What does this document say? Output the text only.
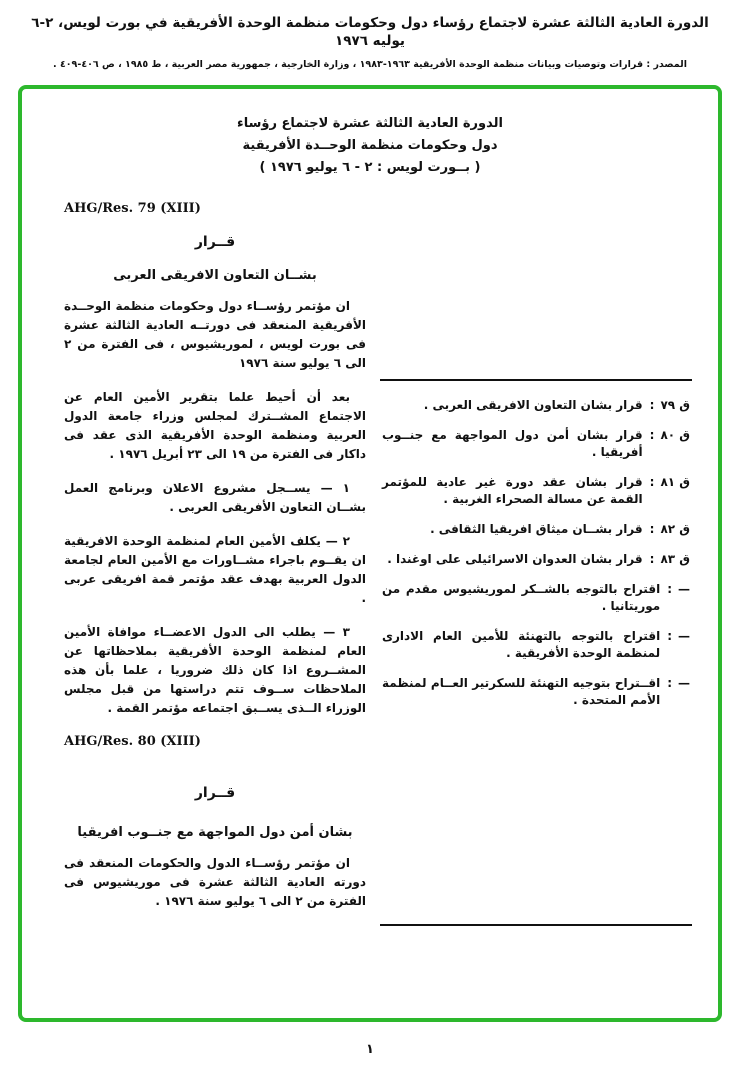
الدورة العادية الثالثة عشرة لاجتماع رؤساء دول وحكومات منظمة الوحدة الأفريقية في بورت لويس، ٢-٦ يوليه ١٩٧٦
المصدر : قرارات وتوصيات وبيانات منظمة الوحدة الأفريقية ١٩٦٣-١٩٨٣ ، وزارة الخارجية ، جمهورية مصر العربية ، ط ١٩٨٥ ، ص ٤٠٦-٤٠٩ .
الدورة العادية الثالثة عشرة لاجتماع رؤساء
دول وحكومات منظمة الوحــدة الأفريقية
( بــورت لويس : ٢ - ٦ يوليو ١٩٧٦ )
AHG/Res. 79 (XIII)
قــرار
بشــان التعاون الافريقى العربى

ان مؤتمر رؤســاء دول وحكومات منظمة الوحــدة الأفريقية المنعقد فى دورتــه العادية الثالثة عشرة فى بورت لويس ، لموريشيوس ، فى الفترة من ٢ الى ٦ يوليو سنة ١٩٧٦

بعد أن أحيط علما بتقرير الأمين العام عن الاجتماع المشــترك لمجلس وزراء جامعة الدول العربية ومنظمة الوحدة الأفريقية الذى عقد فى داكار فى الفترة من ١٩ الى ٢٣ أبريل ١٩٧٦ .

١ — يســجل مشروع الاعلان وبرنامج العمل بشــان التعاون الأفريقى العربى .

٢ — يكلف الأمين العام لمنظمة الوحدة الافريقية ان يقــوم باجراء مشــاورات مع الأمين العام لجامعة الدول العربية بهدف عقد مؤتمر قمة افريقى عربى .

٣ — يطلب الى الدول الاعضــاء موافاة الأمين العام لمنظمة الوحدة الأفريقية بملاحظاتها عن المشــروع اذا كان ذلك ضروريا ، علما بأن هذه الملاحظات ســوف تتم دراستها من قبل مجلس الوزراء الــذى يســبق اجتماعه مؤتمر القمة .

AHG/Res. 80 (XIII)
قــرار
بشان أمن دول المواجهة مع جنــوب افريقيا

ان مؤتمر رؤســاء الدول والحكومات المنعقد فى دورته العادية الثالثة عشرة فى موريشيوس فى الفترة من ٢ الى ٦ يوليو سنة ١٩٧٦ .

ق ٧٩
:
قرار بشان التعاون الافريقى العربى .
ق ٨٠
:
قرار بشان أمن دول المواجهة مع جنــوب أفريقيا .
ق ٨١
:
قرار بشان عقد دورة غير عادية للمؤتمر القمة عن مسالة الصحراء الغربية .
ق ٨٢
:
قرار بشــان ميثاق افريقيا الثقافى .
ق ٨٣
:
قرار بشان العدوان الاسرائيلى على اوغندا .
—
:
اقتراح بالتوجه بالشــكر لموريشيوس مقدم من موريتانيا .
—
:
اقتراح بالتوجه بالتهنئة للأمين العام الادارى لمنظمة الوحدة الأفريقية .
—
:
اقــتراح بتوجيه التهنئة للسكرتير العــام لمنظمة الأمم المتحدة .
١
